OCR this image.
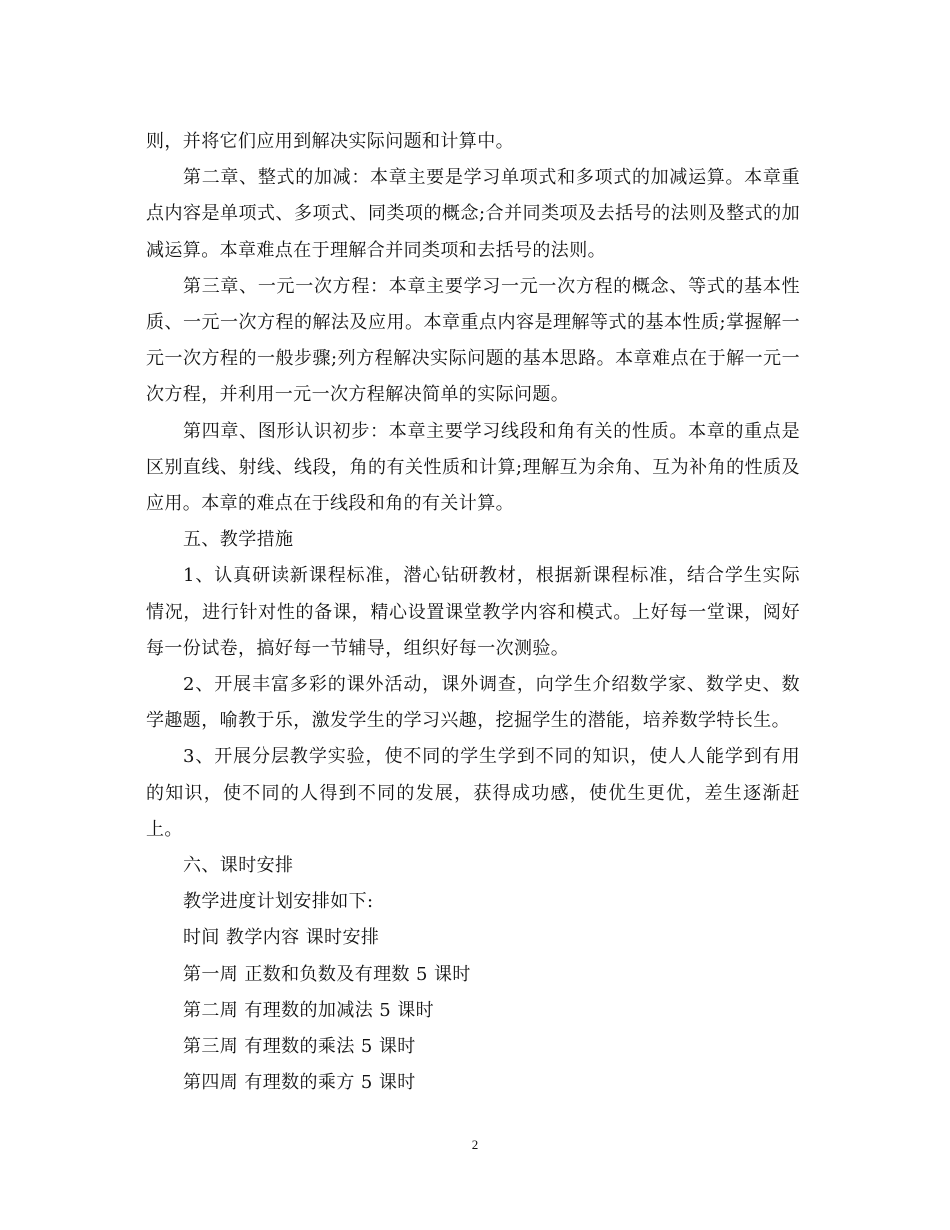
则，并将它们应用到解决实际问题和计算中。

第二章、整式的加减：本章主要是学习单项式和多项式的加减运算。本章重点内容是单项式、多项式、同类项的概念;合并同类项及去括号的法则及整式的加减运算。本章难点在于理解合并同类项和去括号的法则。

第三章、一元一次方程：本章主要学习一元一次方程的概念、等式的基本性质、一元一次方程的解法及应用。本章重点内容是理解等式的基本性质;掌握解一元一次方程的一般步骤;列方程解决实际问题的基本思路。本章难点在于解一元一次方程，并利用一元一次方程解决简单的实际问题。

第四章、图形认识初步：本章主要学习线段和角有关的性质。本章的重点是区别直线、射线、线段，角的有关性质和计算;理解互为余角、互为补角的性质及应用。本章的难点在于线段和角的有关计算。

五、教学措施

1、认真研读新课程标准，潜心钻研教材，根据新课程标准，结合学生实际情况，进行针对性的备课，精心设置课堂教学内容和模式。上好每一堂课，阅好每一份试卷，搞好每一节辅导，组织好每一次测验。

2、开展丰富多彩的课外活动，课外调查，向学生介绍数学家、数学史、数学趣题，喻教于乐，激发学生的学习兴趣，挖掘学生的潜能，培养数学特长生。

3、开展分层教学实验，使不同的学生学到不同的知识，使人人能学到有用的知识，使不同的人得到不同的发展，获得成功感，使优生更优，差生逐渐赶上。

六、课时安排

教学进度计划安排如下:

时间 教学内容 课时安排

第一周 正数和负数及有理数 5 课时

第二周 有理数的加减法 5 课时

第三周 有理数的乘法 5 课时

第四周 有理数的乘方 5 课时

2
